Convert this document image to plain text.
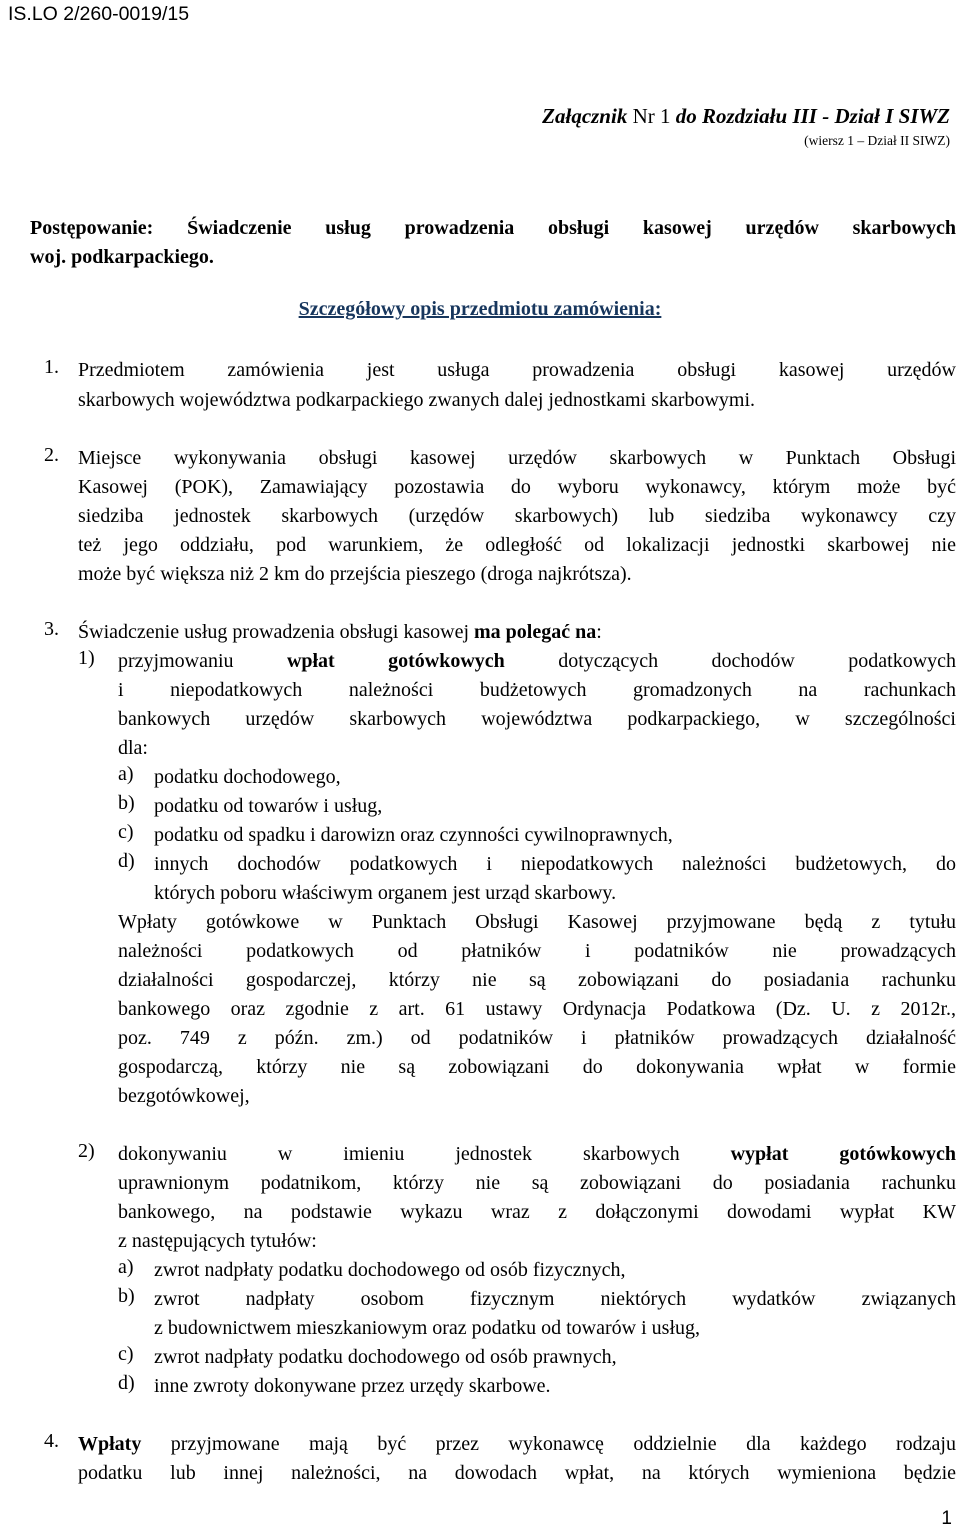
IS.LO 2/260-0019/15
Załącznik Nr 1 do Rozdziału III - Dział I SIWZ
(wiersz 1 – Dział II SIWZ)
Postępowanie: Świadczenie usług prowadzenia obsługi kasowej urzędów skarbowych
woj. podkarpackiego.
Szczegółowy opis przedmiotu zamówienia:
1. Przedmiotem zamówienia jest usługa prowadzenia obsługi kasowej urzędów
skarbowych województwa podkarpackiego zwanych dalej jednostkami skarbowymi.
2. Miejsce wykonywania obsługi kasowej urzędów skarbowych w Punktach Obsługi
Kasowej (POK), Zamawiający pozostawia do wyboru wykonawcy, którym może być
siedziba jednostek skarbowych (urzędów skarbowych) lub siedziba wykonawcy czy
też jego oddziału, pod warunkiem, że odległość od lokalizacji jednostki skarbowej nie
może być większa niż 2 km do przejścia pieszego (droga najkrótsza).
3. Świadczenie usług prowadzenia obsługi kasowej ma polegać na:
1) przyjmowaniu wpłat gotówkowych dotyczących dochodów podatkowych
i niepodatkowych należności budżetowych gromadzonych na rachunkach
bankowych urzędów skarbowych województwa podkarpackiego, w szczególności
dla:
a) podatku dochodowego,
b) podatku od towarów i usług,
c) podatku od spadku i darowizn oraz czynności cywilnoprawnych,
d) innych dochodów podatkowych i niepodatkowych należności budżetowych, do
których poboru właściwym organem jest urząd skarbowy.
Wpłaty gotówkowe w Punktach Obsługi Kasowej przyjmowane będą z tytułu
należności podatkowych od płatników i podatników nie prowadzących
działalności gospodarczej, którzy nie są zobowiązani do posiadania rachunku
bankowego oraz zgodnie z art. 61 ustawy Ordynacja Podatkowa (Dz. U. z 2012r.,
poz. 749 z późn. zm.) od podatników i płatników prowadzących działalność
gospodarczą, którzy nie są zobowiązani do dokonywania wpłat w formie
bezgotówkowej,
2) dokonywaniu w imieniu jednostek skarbowych wypłat gotówkowych
uprawnionym podatnikom, którzy nie są zobowiązani do posiadania rachunku
bankowego, na podstawie wykazu wraz z dołączonymi dowodami wypłat KW
z następujących tytułów:
a) zwrot nadpłaty podatku dochodowego od osób fizycznych,
b) zwrot nadpłaty osobom fizycznym niektórych wydatków związanych
z budownictwem mieszkaniowym oraz podatku od towarów i usług,
c) zwrot nadpłaty podatku dochodowego od osób prawnych,
d) inne zwroty dokonywane przez urzędy skarbowe.
4. Wpłaty przyjmowane mają być przez wykonawcę oddzielnie dla każdego rodzaju
podatku lub innej należności, na dowodach wpłat, na których wymieniona będzie
1
